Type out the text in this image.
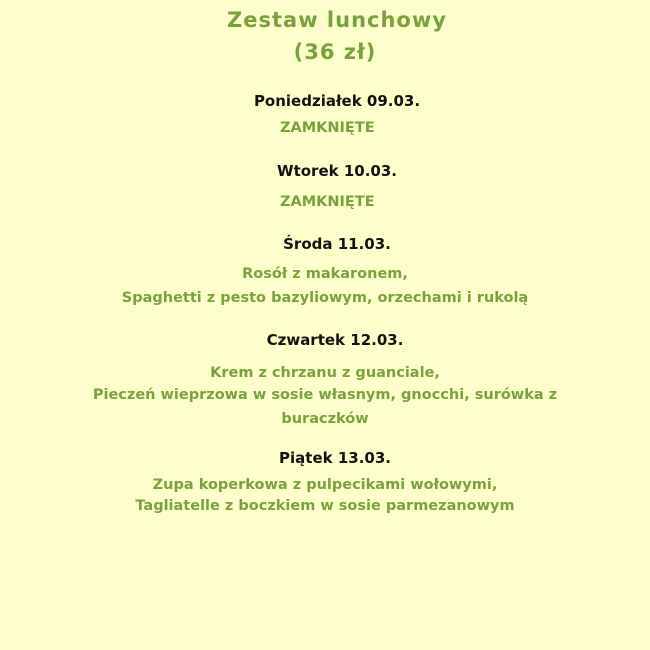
Zestaw lunchowy
(36 zł)
Poniedziałek 09.03.
ZAMKNIĘTE
Wtorek 10.03.
ZAMKNIĘTE
Środa 11.03.
Rosół z makaronem,
Spaghetti z pesto bazyliowym, orzechami i rukolą
Czwartek 12.03.
Krem z chrzanu z guanciale,
Pieczeń wieprzowa w sosie własnym, gnocchi, surówka z
buraczków
Piątek 13.03.
Zupa koperkowa z pulpecikami wołowymi,
Tagliatelle z boczkiem w sosie parmezanowym
